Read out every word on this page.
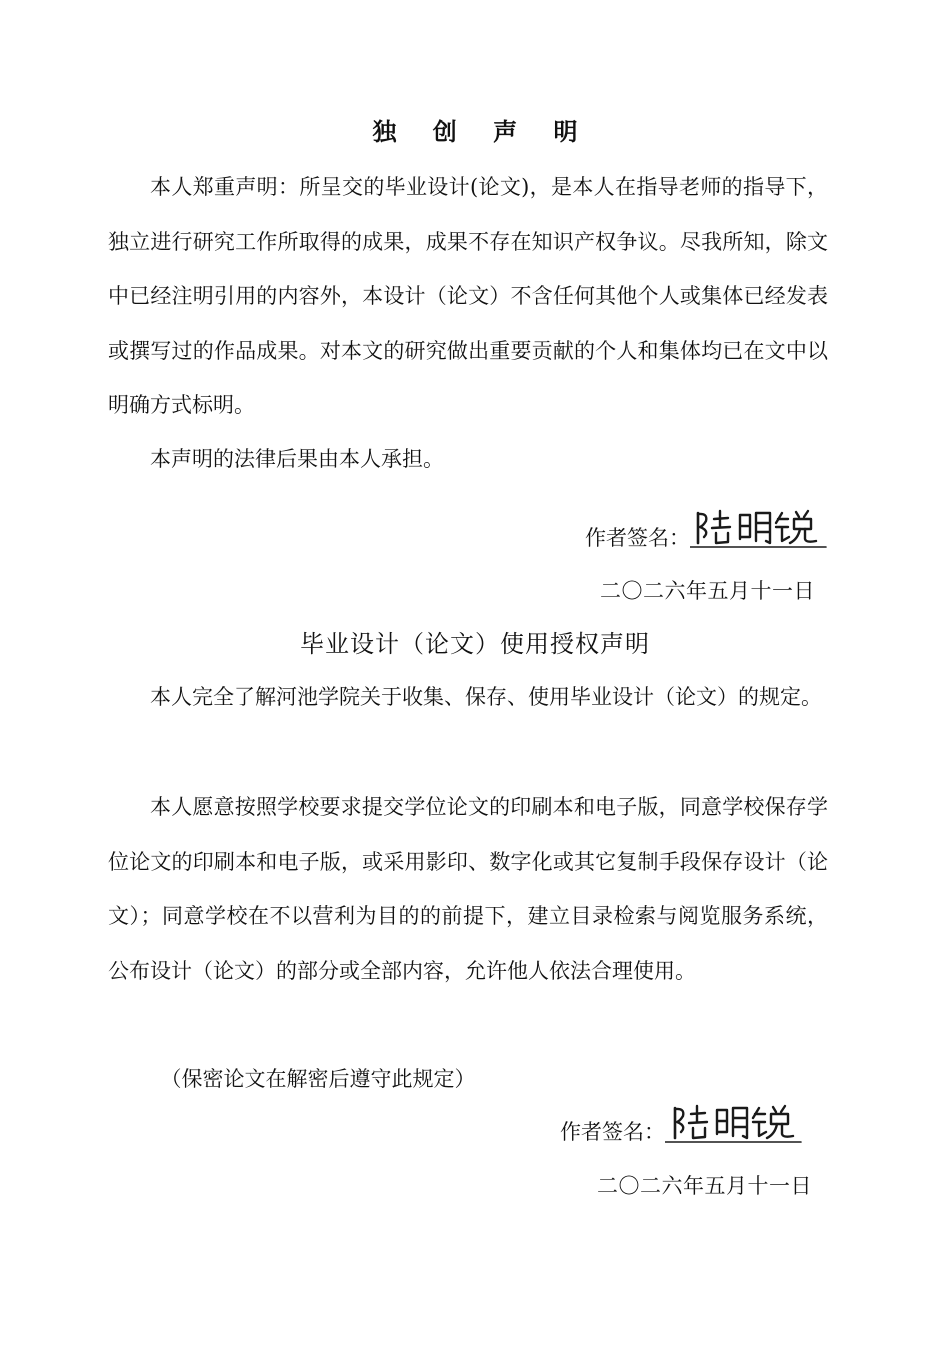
独 创 声 明
本人郑重声明：所呈交的毕业设计(论文)，是本人在指导老师的指导下，独立进行研究工作所取得的成果，成果不存在知识产权争议。尽我所知，除文中已经注明引用的内容外，本设计（论文）不含任何其他个人或集体已经发表或撰写过的作品成果。对本文的研究做出重要贡献的个人和集体均已在文中以明确方式标明。
本声明的法律后果由本人承担。
作者签名：
二〇二六年五月十一日
毕业设计（论文）使用授权声明
本人完全了解河池学院关于收集、保存、使用毕业设计（论文）的规定。
本人愿意按照学校要求提交学位论文的印刷本和电子版，同意学校保存学位论文的印刷本和电子版，或采用影印、数字化或其它复制手段保存设计（论文）；同意学校在不以营利为目的的前提下，建立目录检索与阅览服务系统，公布设计（论文）的部分或全部内容，允许他人依法合理使用。
（保密论文在解密后遵守此规定）
作者签名：
二〇二六年五月十一日
